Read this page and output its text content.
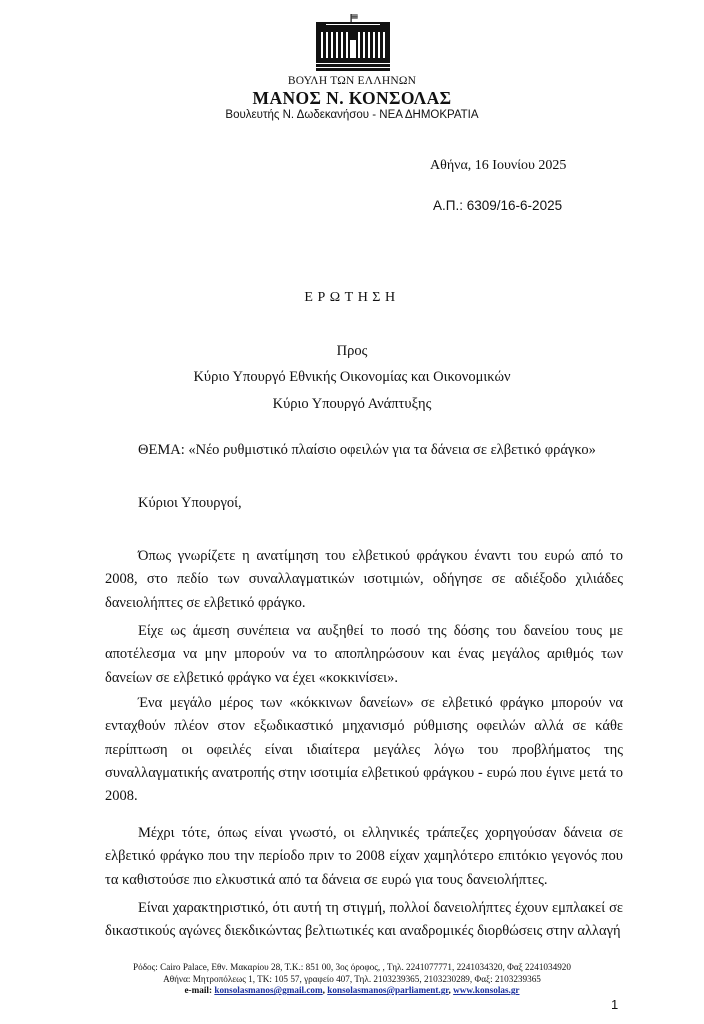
ΒΟΥΛΗ ΤΩΝ ΕΛΛΗΝΩΝ
ΜΑΝΟΣ Ν. ΚΟΝΣΟΛΑΣ
Βουλευτής Ν. Δωδεκανήσου - ΝΕΑ ΔΗΜΟΚΡΑΤΙΑ
Αθήνα, 16 Ιουνίου 2025
Α.Π.: 6309/16-6-2025
ΕΡΩΤΗΣΗ
Προς
Κύριο Υπουργό Εθνικής Οικονομίας και Οικονομικών
Κύριο Υπουργό Ανάπτυξης
ΘΕΜΑ: «Νέο ρυθμιστικό πλαίσιο οφειλών για τα δάνεια σε ελβετικό φράγκο»
Κύριοι Υπουργοί,

Όπως γνωρίζετε η ανατίμηση του ελβετικού φράγκου έναντι του ευρώ από το 2008, στο πεδίο των συναλλαγματικών ισοτιμιών, οδήγησε σε αδιέξοδο χιλιάδες δανειολήπτες σε ελβετικό φράγκο.

Είχε ως άμεση συνέπεια να αυξηθεί το ποσό της δόσης του δανείου τους με αποτέλεσμα να μην μπορούν να το αποπληρώσουν και ένας μεγάλος αριθμός των δανείων σε ελβετικό φράγκο να έχει «κοκκινίσει».

Ένα μεγάλο μέρος των «κόκκινων δανείων» σε ελβετικό φράγκο μπορούν να ενταχθούν πλέον στον εξωδικαστικό μηχανισμό ρύθμισης οφειλών αλλά σε κάθε περίπτωση οι οφειλές είναι ιδιαίτερα μεγάλες λόγω του προβλήματος της συναλλαγματικής ανατροπής στην ισοτιμία ελβετικού φράγκου - ευρώ που έγινε μετά το 2008.

Μέχρι τότε, όπως είναι γνωστό, οι ελληνικές τράπεζες χορηγούσαν δάνεια σε ελβετικό φράγκο που την περίοδο πριν το 2008 είχαν χαμηλότερο επιτόκιο γεγονός που τα καθιστούσε πιο ελκυστικά από τα δάνεια σε ευρώ για τους δανειολήπτες.

Είναι χαρακτηριστικό, ότι αυτή τη στιγμή, πολλοί δανειολήπτες έχουν εμπλακεί σε δικαστικούς αγώνες διεκδικώντας βελτιωτικές και αναδρομικές διορθώσεις στην αλλαγή

Ρόδος: Cairo Palace, Εθν. Μακαρίου 28, Τ.Κ.: 851 00, 3ος όροφος, , Τηλ. 2241077771, 2241034320, Φαξ 2241034920
Αθήνα: Μητροπόλεως 1, ΤΚ: 105 57, γραφείο 407, Τηλ. 2103239365, 2103230289, Φαξ: 2103239365
e-mail: konsolasmanos@gmail.com, konsolasmanos@parliament.gr, www.konsolas.gr
1
